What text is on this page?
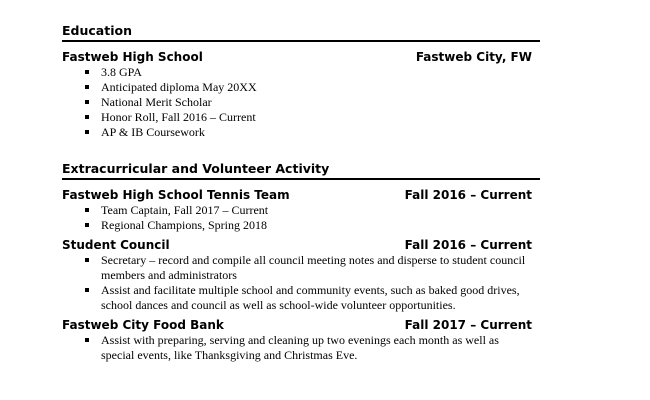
Education
Fastweb High School	Fastweb City, FW
3.8 GPA
Anticipated diploma May 20XX
National Merit Scholar
Honor Roll, Fall 2016 – Current
AP & IB Coursework
Extracurricular and Volunteer Activity
Fastweb High School Tennis Team	Fall 2016 – Current
Team Captain, Fall 2017 – Current
Regional Champions, Spring 2018
Student Council	Fall 2016 – Current
Secretary – record and compile all council meeting notes and disperse to student council members and administrators
Assist and facilitate multiple school and community events, such as baked good drives, school dances and council as well as school-wide volunteer opportunities.
Fastweb City Food Bank	Fall 2017 – Current
Assist with preparing, serving and cleaning up two evenings each month as well as special events, like Thanksgiving and Christmas Eve.
